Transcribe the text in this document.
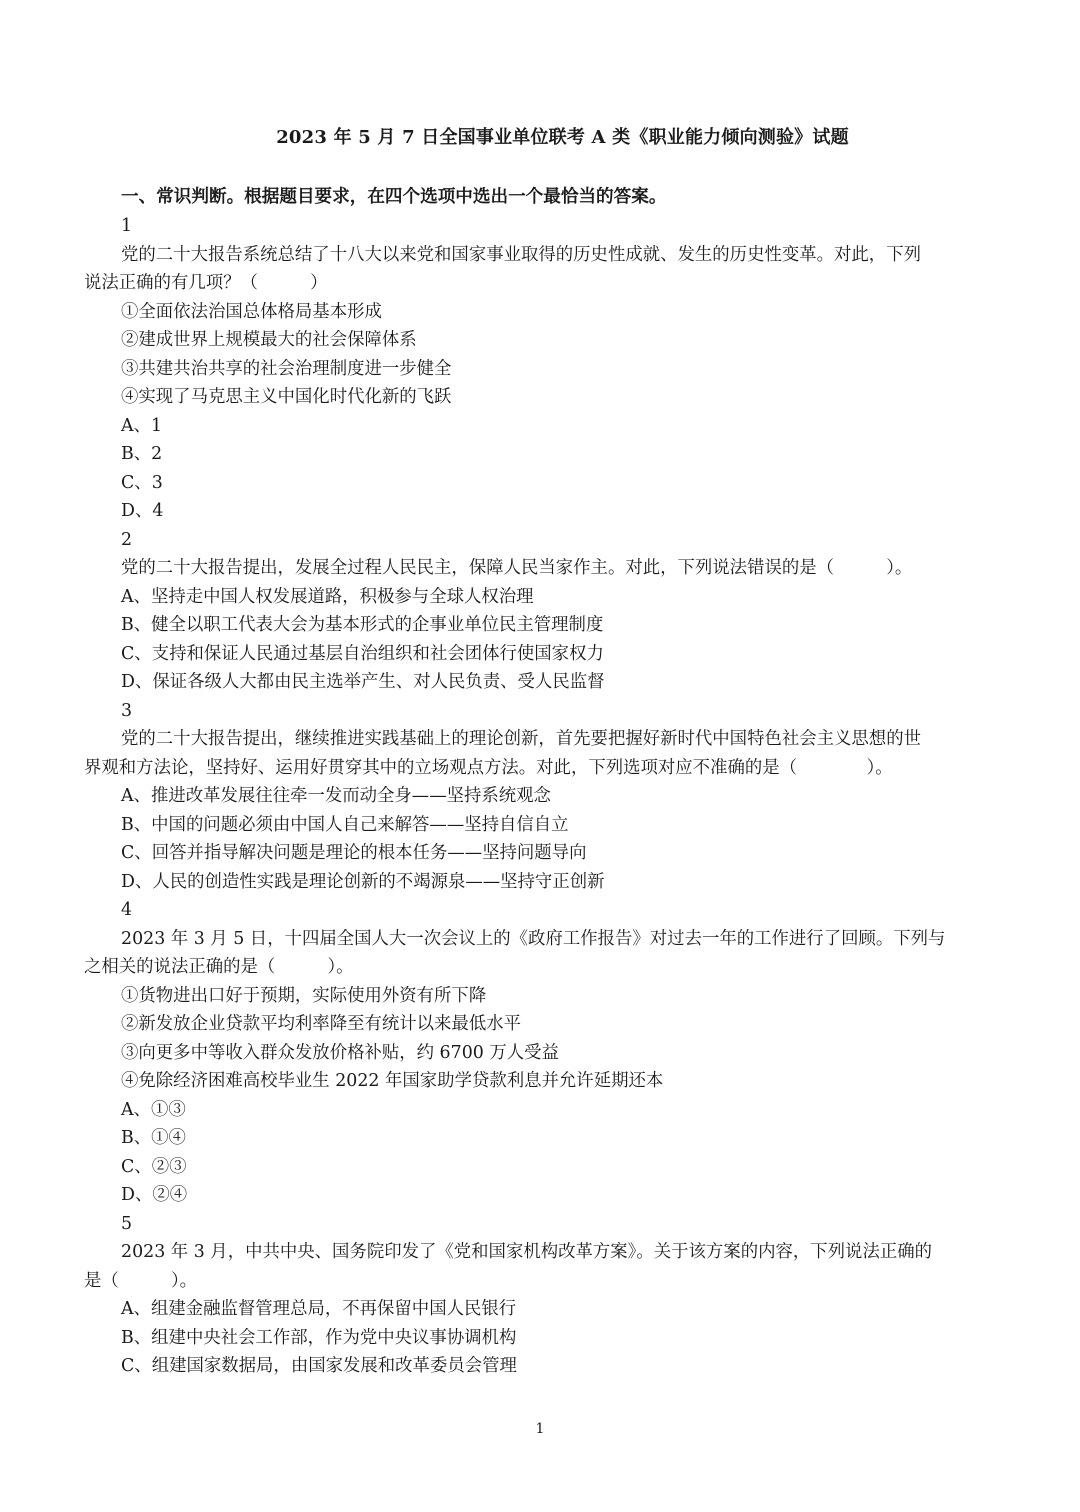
2023 年 5 月 7 日全国事业单位联考 A 类《职业能力倾向测验》试题
一、常识判断。根据题目要求，在四个选项中选出一个最恰当的答案。
1
党的二十大报告系统总结了十八大以来党和国家事业取得的历史性成就、发生的历史性变革。对此，下列
说法正确的有几项？（　　　）
①全面依法治国总体格局基本形成
②建成世界上规模最大的社会保障体系
③共建共治共享的社会治理制度进一步健全
④实现了马克思主义中国化时代化新的飞跃
A、1
B、2
C、3
D、4
2
党的二十大报告提出，发展全过程人民民主，保障人民当家作主。对此，下列说法错误的是（　　　）。
A、坚持走中国人权发展道路，积极参与全球人权治理
B、健全以职工代表大会为基本形式的企事业单位民主管理制度
C、支持和保证人民通过基层自治组织和社会团体行使国家权力
D、保证各级人大都由民主选举产生、对人民负责、受人民监督
3
党的二十大报告提出，继续推进实践基础上的理论创新，首先要把握好新时代中国特色社会主义思想的世
界观和方法论，坚持好、运用好贯穿其中的立场观点方法。对此，下列选项对应不准确的是（　　　　）。
A、推进改革发展往往牵一发而动全身——坚持系统观念
B、中国的问题必须由中国人自己来解答——坚持自信自立
C、回答并指导解决问题是理论的根本任务——坚持问题导向
D、人民的创造性实践是理论创新的不竭源泉——坚持守正创新
4
2023 年 3 月 5 日，十四届全国人大一次会议上的《政府工作报告》对过去一年的工作进行了回顾。下列与
之相关的说法正确的是（　　　）。
①货物进出口好于预期，实际使用外资有所下降
②新发放企业贷款平均利率降至有统计以来最低水平
③向更多中等收入群众发放价格补贴，约 6700 万人受益
④免除经济困难高校毕业生 2022 年国家助学贷款利息并允许延期还本
A、①③
B、①④
C、②③
D、②④
5
2023 年 3 月，中共中央、国务院印发了《党和国家机构改革方案》。关于该方案的内容，下列说法正确的
是（　　　）。
A、组建金融监督管理总局，不再保留中国人民银行
B、组建中央社会工作部，作为党中央议事协调机构
C、组建国家数据局，由国家发展和改革委员会管理
1
